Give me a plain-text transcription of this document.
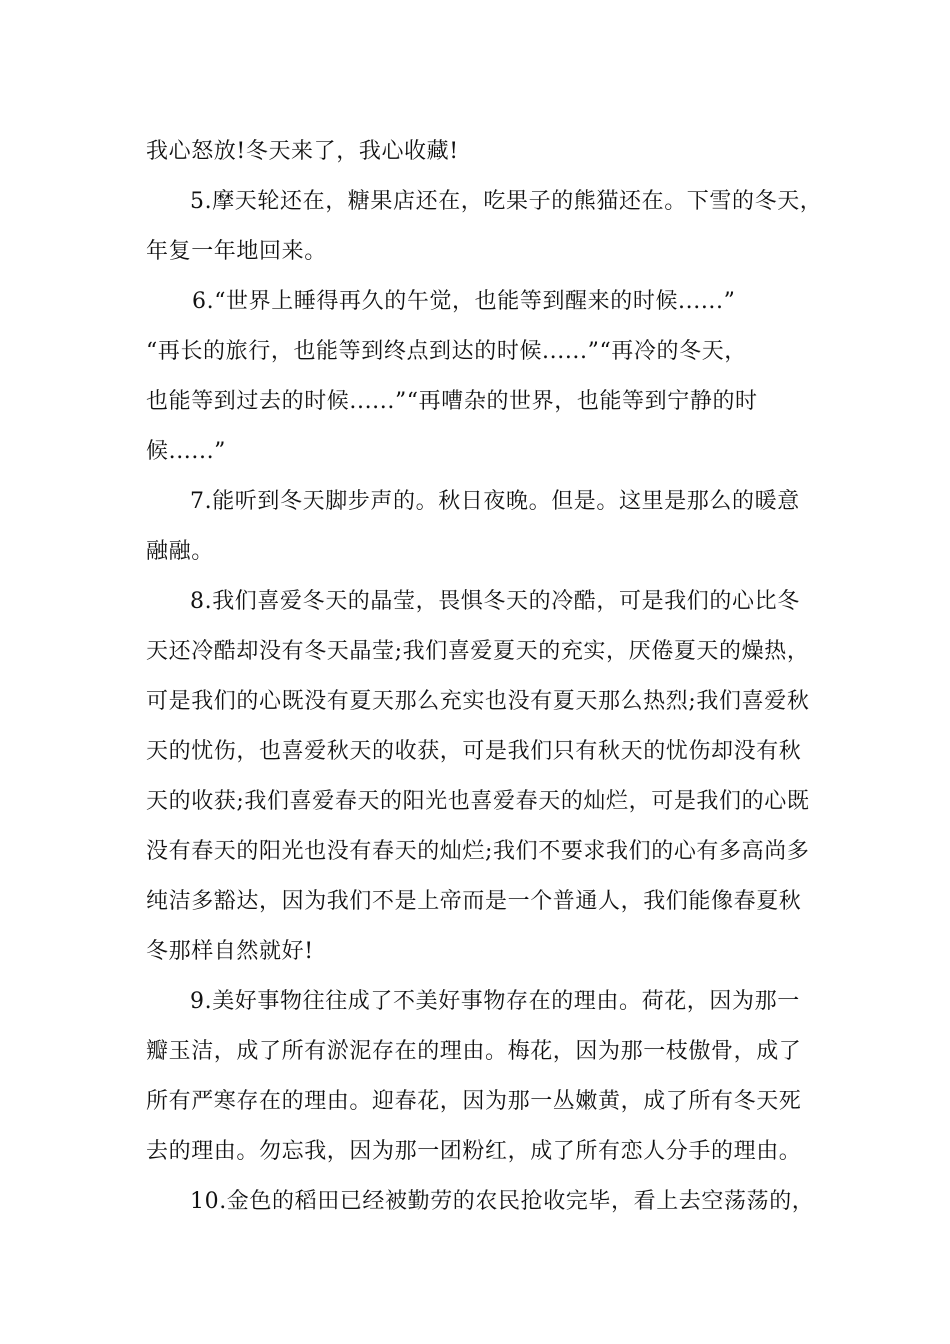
我心怒放!冬天来了，我心收藏!
5.摩天轮还在，糖果店还在，吃果子的熊猫还在。下雪的冬天，
年复一年地回来。
6.“世界上睡得再久的午觉，也能等到醒来的时候......”
“再长的旅行，也能等到终点到达的时候......”“再冷的冬天，
也能等到过去的时候......”“再嘈杂的世界，也能等到宁静的时
候......”
7.能听到冬天脚步声的。秋日夜晚。但是。这里是那么的暖意
融融。
8.我们喜爱冬天的晶莹，畏惧冬天的冷酷，可是我们的心比冬
天还冷酷却没有冬天晶莹;我们喜爱夏天的充实，厌倦夏天的燥热，
可是我们的心既没有夏天那么充实也没有夏天那么热烈;我们喜爱秋
天的忧伤，也喜爱秋天的收获，可是我们只有秋天的忧伤却没有秋
天的收获;我们喜爱春天的阳光也喜爱春天的灿烂，可是我们的心既
没有春天的阳光也没有春天的灿烂;我们不要求我们的心有多高尚多
纯洁多豁达，因为我们不是上帝而是一个普通人，我们能像春夏秋
冬那样自然就好!
9.美好事物往往成了不美好事物存在的理由。荷花，因为那一
瓣玉洁，成了所有淤泥存在的理由。梅花，因为那一枝傲骨，成了
所有严寒存在的理由。迎春花，因为那一丛嫩黄，成了所有冬天死
去的理由。勿忘我，因为那一团粉红，成了所有恋人分手的理由。
10.金色的稻田已经被勤劳的农民抢收完毕，看上去空荡荡的，
